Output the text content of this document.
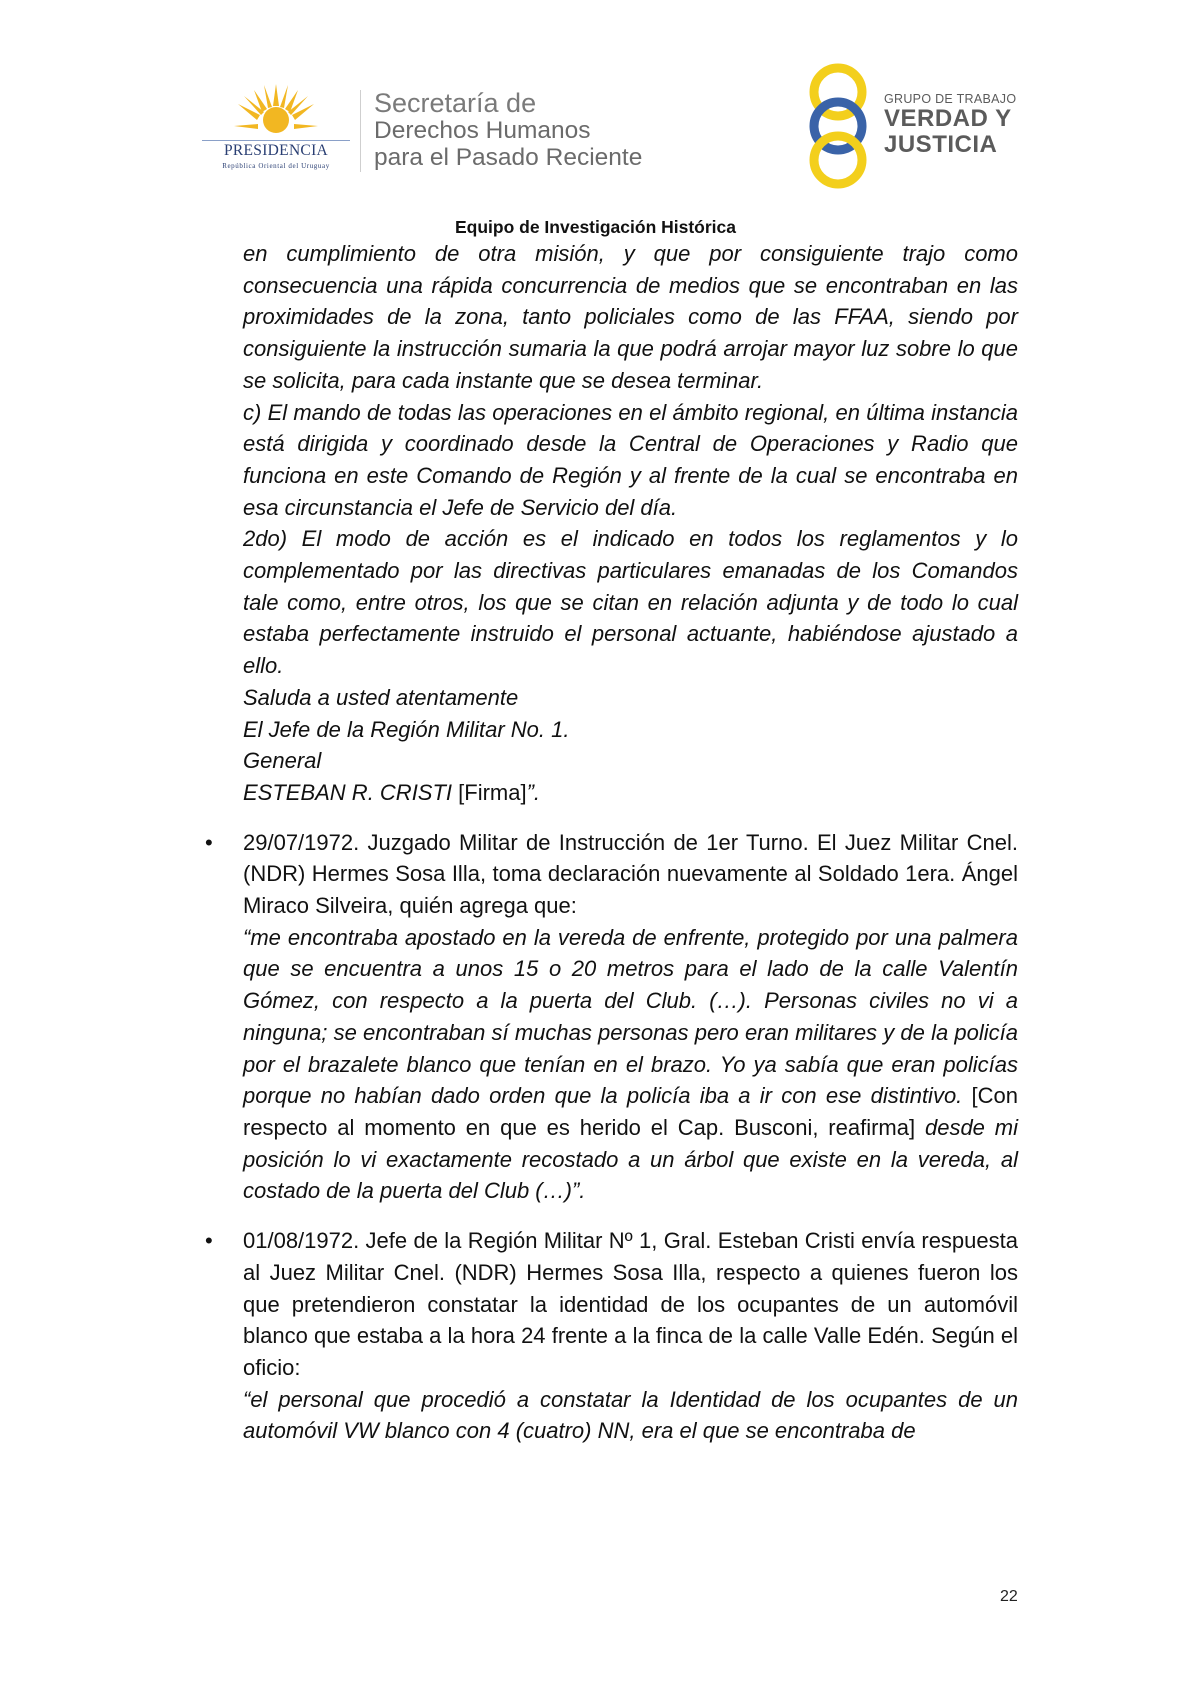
PRESIDENCIA
República Oriental del Uruguay
Secretaría de
Derechos Humanos
para el Pasado Reciente
GRUPO DE TRABAJO
VERDAD Y
JUSTICIA
Equipo de Investigación Histórica

en cumplimiento de otra misión, y que por consiguiente trajo como consecuencia una rápida concurrencia de medios que se encontraban en las proximidades de la zona, tanto policiales como de las FFAA, siendo por consiguiente la instrucción sumaria la que podrá arrojar mayor luz sobre lo que se solicita, para cada instante que se desea terminar.

c) El mando de todas las operaciones en el ámbito regional, en última instancia está dirigida y coordinado desde la Central de Operaciones y Radio que funciona en este Comando de Región y al frente de la cual se encontraba en esa circunstancia el Jefe de Servicio del día.

2do) El modo de acción es el indicado en todos los reglamentos y lo complementado por las directivas particulares emanadas de los Comandos tale como, entre otros, los que se citan en relación adjunta y de todo lo cual estaba perfectamente instruido el personal actuante, habiéndose ajustado a ello.

Saluda a usted atentamente

El Jefe de la Región Militar No. 1.

General

ESTEBAN R. CRISTI [Firma]”.

• 29/07/1972. Juzgado Militar de Instrucción de 1er Turno. El Juez Militar Cnel. (NDR) Hermes Sosa Illa, toma declaración nuevamente al Soldado 1era. Ángel Miraco Silveira, quién agrega que:

“me encontraba apostado en la vereda de enfrente, protegido por una palmera que se encuentra a unos 15 o 20 metros para el lado de la calle Valentín Gómez, con respecto a la puerta del Club. (…). Personas civiles no vi a ninguna; se encontraban sí muchas personas pero eran militares y de la policía por el brazalete blanco que tenían en el brazo. Yo ya sabía que eran policías porque no habían dado orden que la policía iba a ir con ese distintivo. [Con respecto al momento en que es herido el Cap. Busconi, reafirma] desde mi posición lo vi exactamente recostado a un árbol que existe en la vereda, al costado de la puerta del Club (…)”.

• 01/08/1972. Jefe de la Región Militar Nº 1, Gral. Esteban Cristi envía respuesta al Juez Militar Cnel. (NDR) Hermes Sosa Illa, respecto a quienes fueron los que pretendieron constatar la identidad de los ocupantes de un automóvil blanco que estaba a la hora 24 frente a la finca de la calle Valle Edén. Según el oficio:

“el personal que procedió a constatar la Identidad de los ocupantes de un automóvil VW blanco con 4 (cuatro) NN, era el que se encontraba de

22
